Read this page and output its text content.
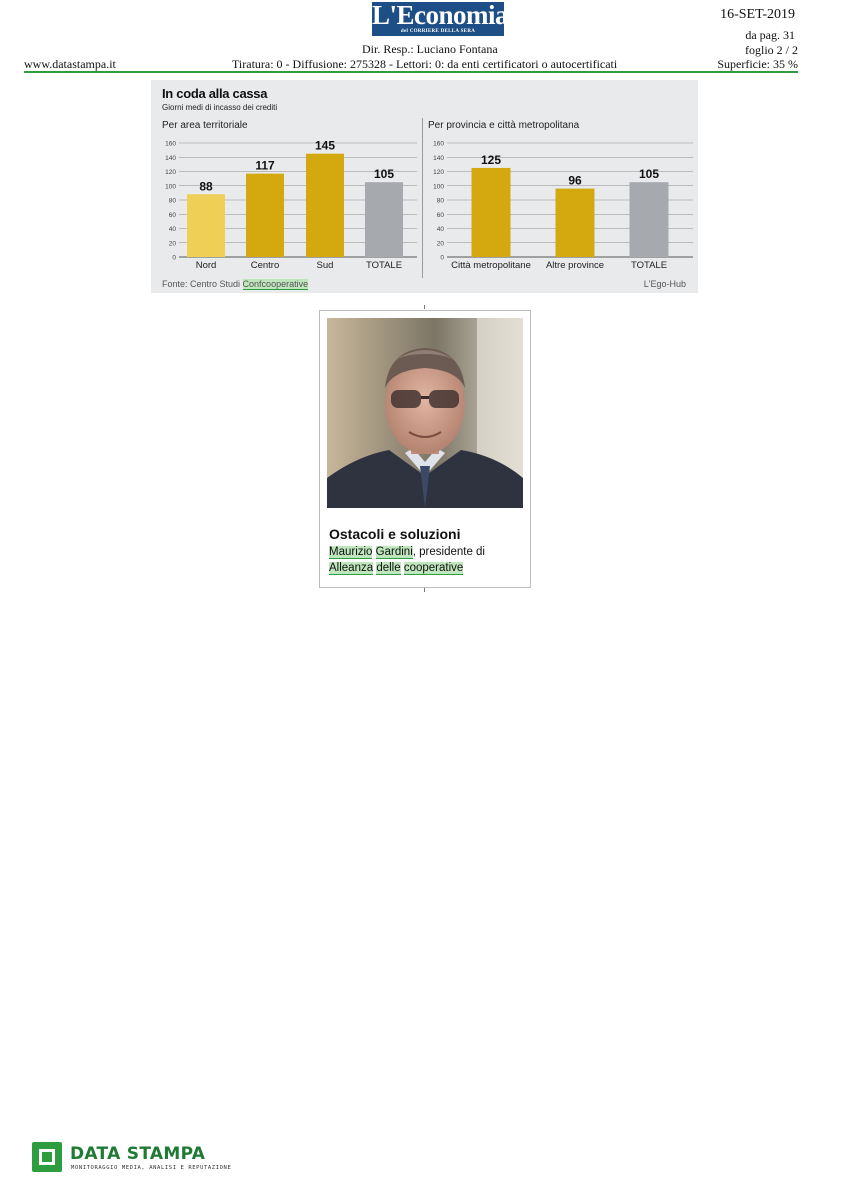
L'Economia
del CORRIERE DELLA SERA
16-SET-2019
da pag. 31
Dir. Resp.: Luciano Fontana	foglio 2 / 2
www.datastampa.it	Tiratura: 0 - Diffusione: 275328 - Lettori: 0: da enti certificatori o autocertificati	Superficie: 35 %
In coda alla cassa
Giorni medi di incasso dei crediti
Per area territoriale	Per provincia e città metropolitana
0
20
40
60
80
100
120
140
160
88
Nord
117
Centro
145
Sud
105
TOTALE
0
20
40
60
80
100
120
140
160
125
Città metropolitane
96
Altre province
105
TOTALE
Fonte: Centro Studi Confcooperative	L'Ego-Hub
Ostacoli e soluzioni
Maurizio Gardini, presidente di
Alleanza delle cooperative
DATA STAMPA
MONITORAGGIO MEDIA, ANALISI E REPUTAZIONE
